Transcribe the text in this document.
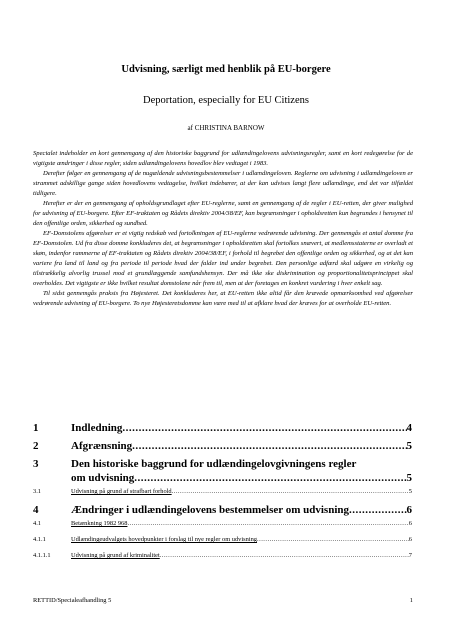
Udvisning, særligt med henblik på EU-borgere
Deportation, especially for EU Citizens
af CHRISTINA BARNOW

Specialet indeholder en kort gennemgang af den historiske baggrund for udlændingelovens udvisningsregler, samt en kort redegørelse for de vigtigste ændringer i disse regler, siden udlændingelovens hovedlov blev vedtaget i 1983.

Derefter følger en gennemgang af de nugældende udvisningsbestemmelser i udlændingeloven. Reglerne om udvisning i udlændingeloven er strammet adskillige gange siden hovedlovens vedtagelse, hvilket indebærer, at der kan udvises langt flere udlændinge, end det var tilfældet tidligere.

Herefter er der en gennemgang af opholdsgrundlaget efter EU-reglerne, samt en gennemgang af de regler i EU-retten, der giver mulighed for udvisning af EU-borgere. Efter EF-traktaten og Rådets direktiv 2004/38/EF, kan begrænsninger i opholdsretten kun begrundes i hensynet til den offentlige orden, sikkerhed og sundhed.

EF-Domstolens afgørelser er et vigtig redskab ved fortolkningen af EU-reglerne vedrørende udvisning. Der gennemgås et antal domme fra EF-Domstolen. Ud fra disse domme konkluderes det, at begrænsninger i opholdsretten skal fortolkes snævert, at medlemsstaterne er overladt et skøn, indenfor rammerne af EF-traktaten og Rådets direktiv 2004/38/EF, i forhold til begrebet den offentlige orden og sikkerhed, og at det kan variere fra land til land og fra periode til periode hvad der falder ind under begrebet. Den personlige adfærd skal udgøre en virkelig og tilstrækkelig alvorlig trussel mod et grundlæggende samfundshensyn. Der må ikke ske diskrimination og proportionalitetsprincippet skal overholdes. Det vigtigste er ikke hvilket resultat domstolene når frem til, men at der foretages en konkret vurdering i hver enkelt sag.

Til sidst gennemgås praksis fra Højesteret. Det konkluderes her, at EU-retten ikke altid får den krævede opmærksomhed ved afgørelser vedrørende udvisning af EU-borgere. To nye Højesteretsdomme kan være med til at afklare hvad der kræves for at overholde EU-retten.

1	Indledning .....	4
2	Afgrænsning .....	5
3	Den historiske baggrund for udlændingelovgivningens regler
om udvisning .....	5
3.1	Udvisning på grund af strafbart forhold .....	5
4	Ændringer i udlændingelovens bestemmelser om udvisning .....	6
4.1	Betænkning 1982 968 .....	6
4.1.1	Udlændingeudvalgets hovedpunkter i forslag til nye regler om udvisning .....	6
4.1.1.1	Udvisning på grund af kriminalitet .....	7
RETTID/Specialeafhandling 5	1
